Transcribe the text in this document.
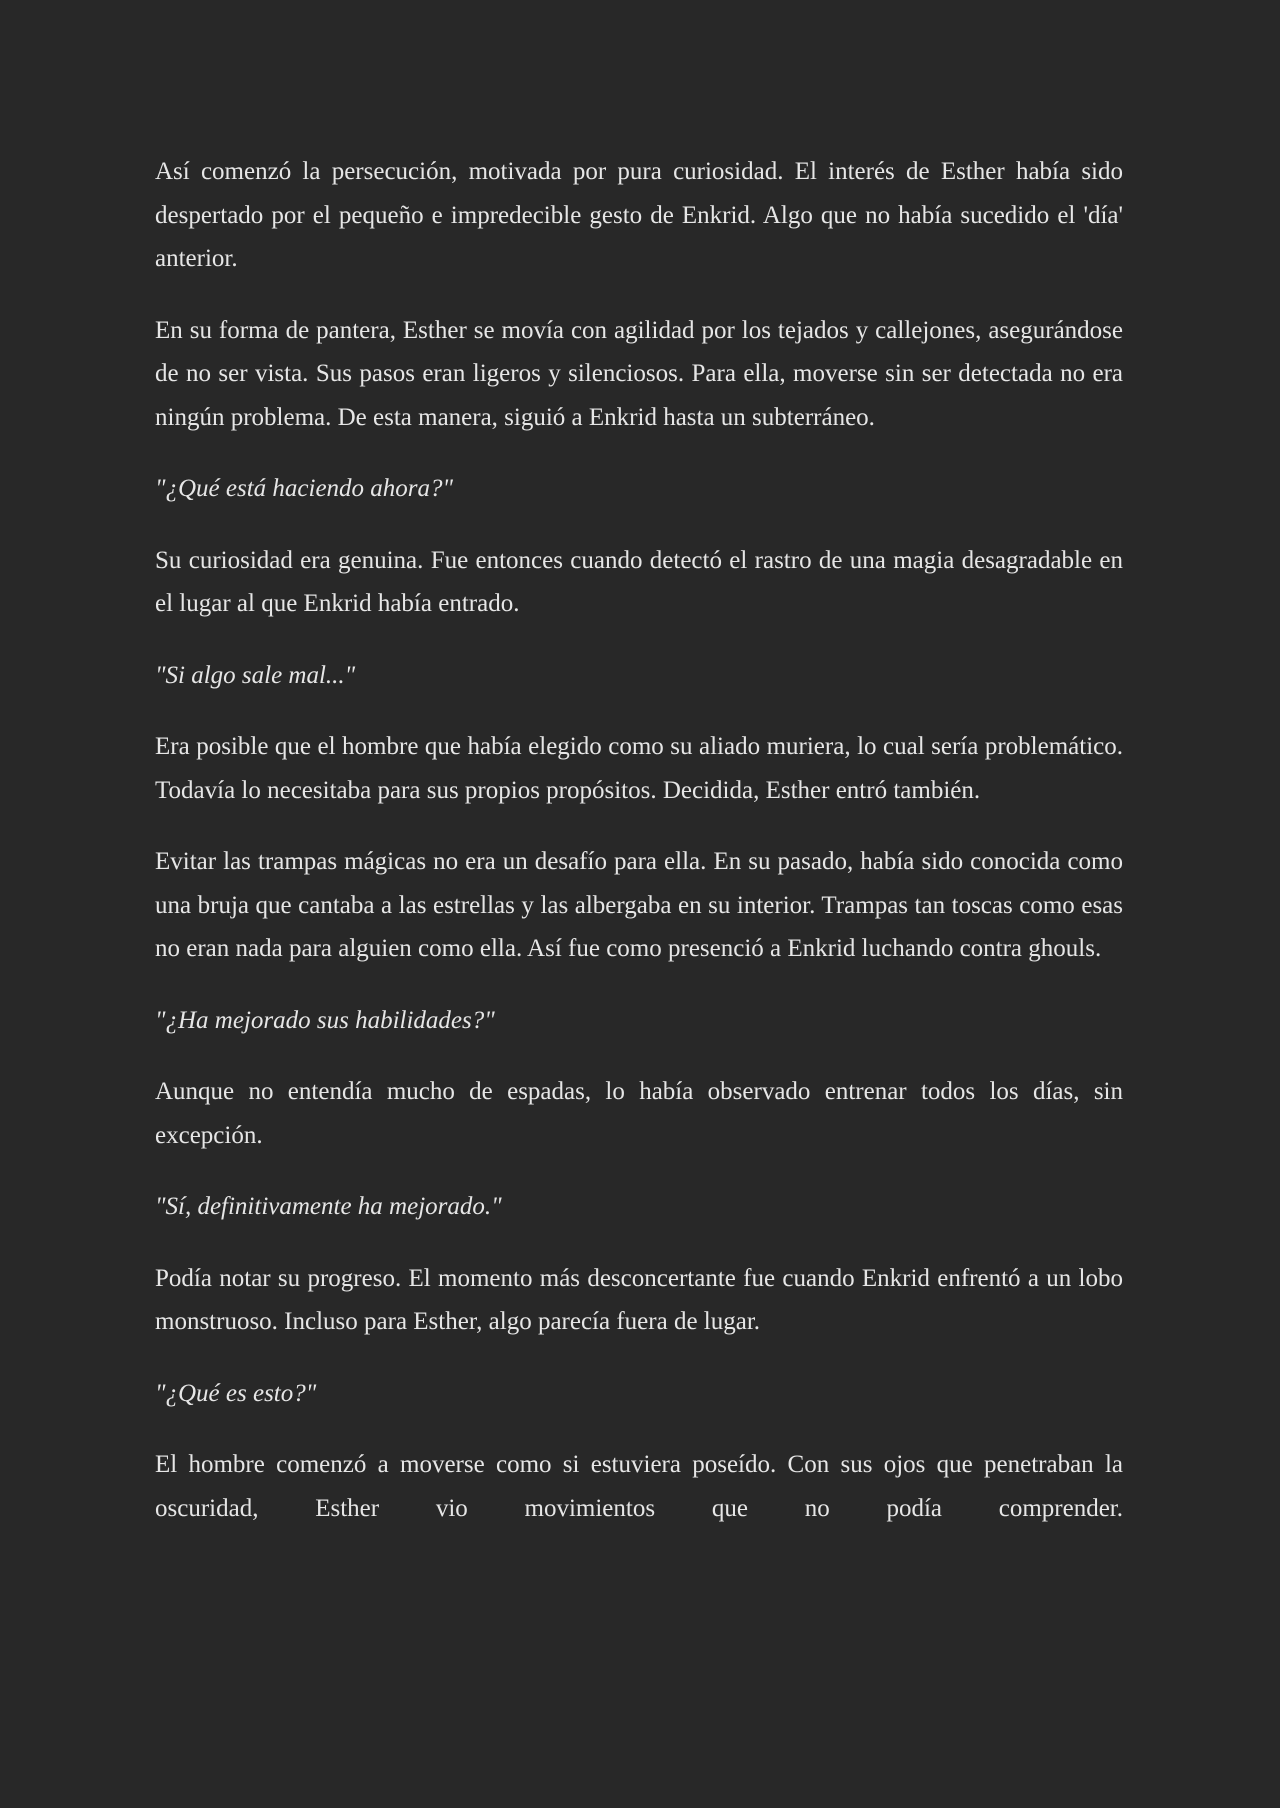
Así comenzó la persecución, motivada por pura curiosidad. El interés de Esther había sido despertado por el pequeño e impredecible gesto de Enkrid. Algo que no había sucedido el 'día' anterior.

En su forma de pantera, Esther se movía con agilidad por los tejados y callejones, asegurándose de no ser vista. Sus pasos eran ligeros y silenciosos. Para ella, moverse sin ser detectada no era ningún problema. De esta manera, siguió a Enkrid hasta un subterráneo.

"¿Qué está haciendo ahora?"

Su curiosidad era genuina. Fue entonces cuando detectó el rastro de una magia desagradable en el lugar al que Enkrid había entrado.

"Si algo sale mal..."

Era posible que el hombre que había elegido como su aliado muriera, lo cual sería problemático. Todavía lo necesitaba para sus propios propósitos. Decidida, Esther entró también.

Evitar las trampas mágicas no era un desafío para ella. En su pasado, había sido conocida como una bruja que cantaba a las estrellas y las albergaba en su interior. Trampas tan toscas como esas no eran nada para alguien como ella. Así fue como presenció a Enkrid luchando contra ghouls.

"¿Ha mejorado sus habilidades?"

Aunque no entendía mucho de espadas, lo había observado entrenar todos los días, sin excepción.

"Sí, definitivamente ha mejorado."

Podía notar su progreso. El momento más desconcertante fue cuando Enkrid enfrentó a un lobo monstruoso. Incluso para Esther, algo parecía fuera de lugar.

"¿Qué es esto?"

El hombre comenzó a moverse como si estuviera poseído. Con sus ojos que penetraban la oscuridad, Esther vio movimientos que no podía comprender.
